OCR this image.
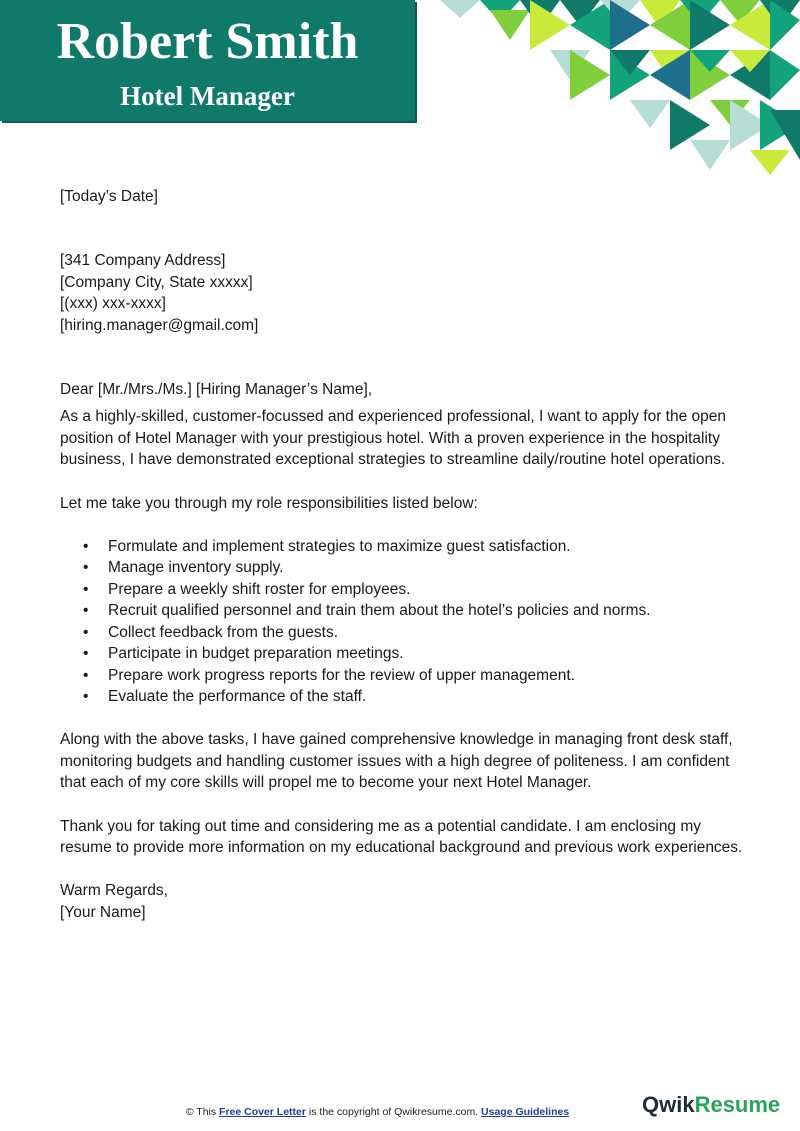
Robert Smith
Hotel Manager

[Today’s Date]

[341 Company Address]

[Company City, State xxxxx]

[(xxx) xxx-xxxx]

[hiring.manager@gmail.com]

Dear [Mr./Mrs./Ms.] [Hiring Manager’s Name],

As a highly-skilled, customer-focussed and experienced professional, I want to apply for the open position of Hotel Manager with your prestigious hotel. With a proven experience in the hospitality business, I have demonstrated exceptional strategies to streamline daily/routine hotel operations.

Let me take you through my role responsibilities listed below:

• Formulate and implement strategies to maximize guest satisfaction.
• Manage inventory supply.
• Prepare a weekly shift roster for employees.
• Recruit qualified personnel and train them about the hotel’s policies and norms.
• Collect feedback from the guests.
• Participate in budget preparation meetings.
• Prepare work progress reports for the review of upper management.
• Evaluate the performance of the staff.

Along with the above tasks, I have gained comprehensive knowledge in managing front desk staff, monitoring budgets and handling customer issues with a high degree of politeness. I am confident that each of my core skills will propel me to become your next Hotel Manager.

Thank you for taking out time and considering me as a potential candidate. I am enclosing my resume to provide more information on my educational background and previous work experiences.

Warm Regards,

[Your Name]

© This Free Cover Letter is the copyright of Qwikresume.com. Usage Guidelines	QwikResume
